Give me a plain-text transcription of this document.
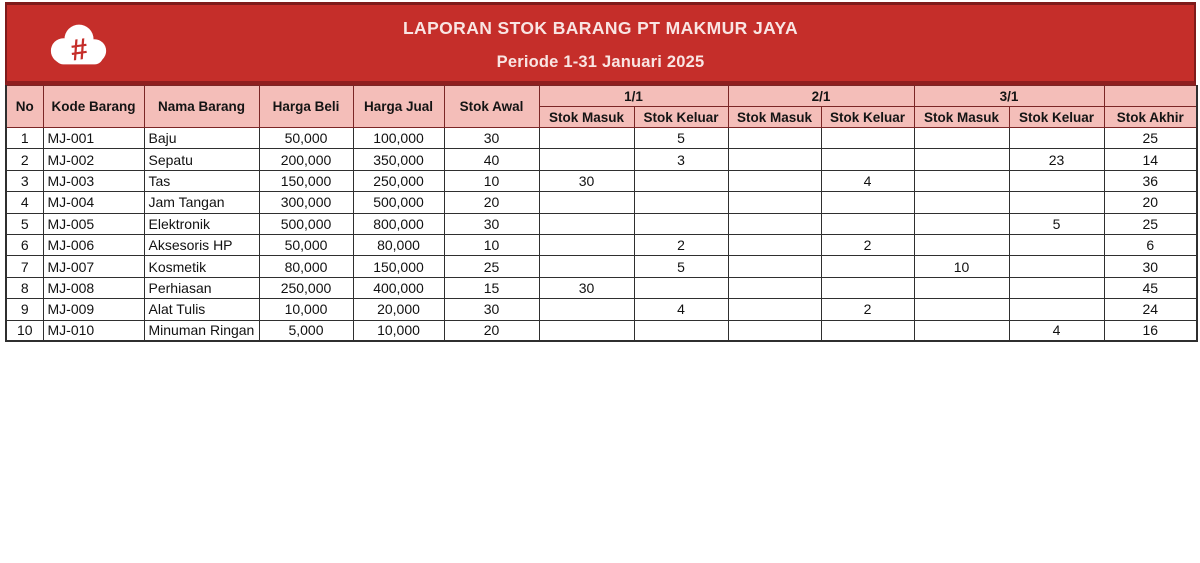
#
LAPORAN STOK BARANG PT MAKMUR JAYA
Periode 1-31 Januari 2025
No	Kode Barang	Nama Barang	Harga Beli	Harga Jual	Stok Awal	1/1		2/1		3/1		
						Stok Masuk	Stok Keluar	Stok Masuk	Stok Keluar	Stok Masuk	Stok Keluar	Stok Akhir
1	MJ-001	Baju	50,000	100,000	30		5					25
2	MJ-002	Sepatu	200,000	350,000	40		3				23	14
3	MJ-003	Tas	150,000	250,000	10	30			4			36
4	MJ-004	Jam Tangan	300,000	500,000	20							20
5	MJ-005	Elektronik	500,000	800,000	30						5	25
6	MJ-006	Aksesoris HP	50,000	80,000	10		2		2			6
7	MJ-007	Kosmetik	80,000	150,000	25		5			10		30
8	MJ-008	Perhiasan	250,000	400,000	15	30						45
9	MJ-009	Alat Tulis	10,000	20,000	30		4		2			24
10	MJ-010	Minuman Ringan	5,000	10,000	20						4	16
